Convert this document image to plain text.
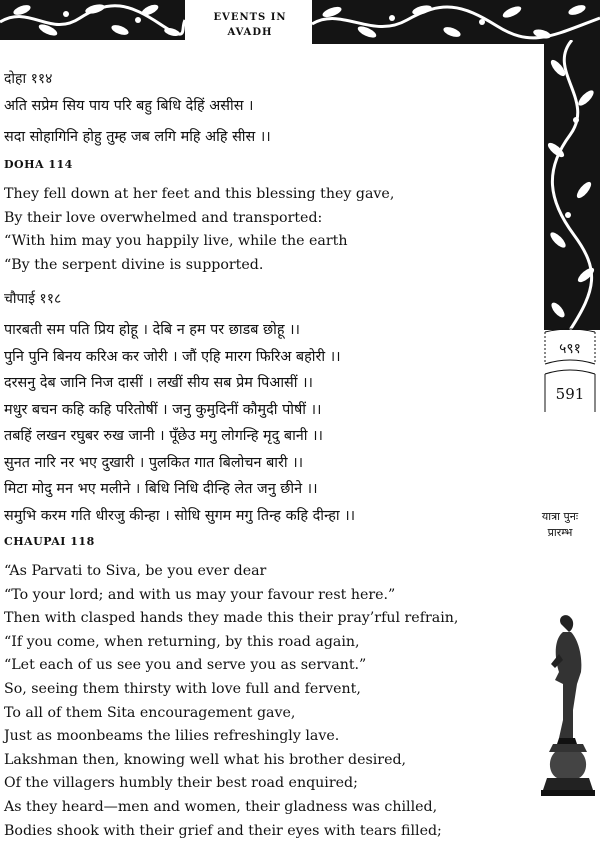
EVENTS IN
AVADH
५९१
591
यात्रा पुनः
प्रारम्भ
दोहा ११४
अति सप्रेम सिय पाय परि बहु बिधि देहिं असीस ।
सदा सोहागिनि होहु तुम्ह जब लगि महि अहि सीस ।।
DOHA 114
They fell down at her feet and this blessing they gave,
By their love overwhelmed and transported:
“With him may you happily live, while the earth
“By the serpent divine is supported.
चौपाई ११८
पारबती सम पति प्रिय होहू । देबि न हम पर छाडब छोहू ।।
पुनि पुनि बिनय करिअ कर जोरी । जौं एहि मारग फिरिअ बहोरी ।।
दरसनु देब जानि निज दासीं । लखीं सीय सब प्रेम पिआसीं ।।
मधुर बचन कहि कहि परितोषीं । जनु कुमुदिनीं कौमुदी पोषीं ।।
तबहिं लखन रघुबर रुख जानी । पूँछेउ मगु लोगन्हि मृदु बानी ।।
सुनत नारि नर भए दुखारी । पुलकित गात बिलोचन बारी ।।
मिटा मोदु मन भए मलीने । बिधि निधि दीन्हि लेत जनु छीने ।।
समुभि करम गति धीरजु कीन्हा । सोधि सुगम मगु तिन्ह कहि दीन्हा ।।
CHAUPAI 118
“As Parvati to Siva, be you ever dear
“To your lord; and with us may your favour rest here.”
Then with clasped hands they made this their pray’rful refrain,
“If you come, when returning, by this road again,
“Let each of us see you and serve you as servant.”
So, seeing them thirsty with love full and fervent,
To all of them Sita encouragement gave,
Just as moonbeams the lilies refreshingly lave.
Lakshman then, knowing well what his brother desired,
Of the villagers humbly their best road enquired;
As they heard—men and women, their gladness was chilled,
Bodies shook with their grief and their eyes with tears filled;
